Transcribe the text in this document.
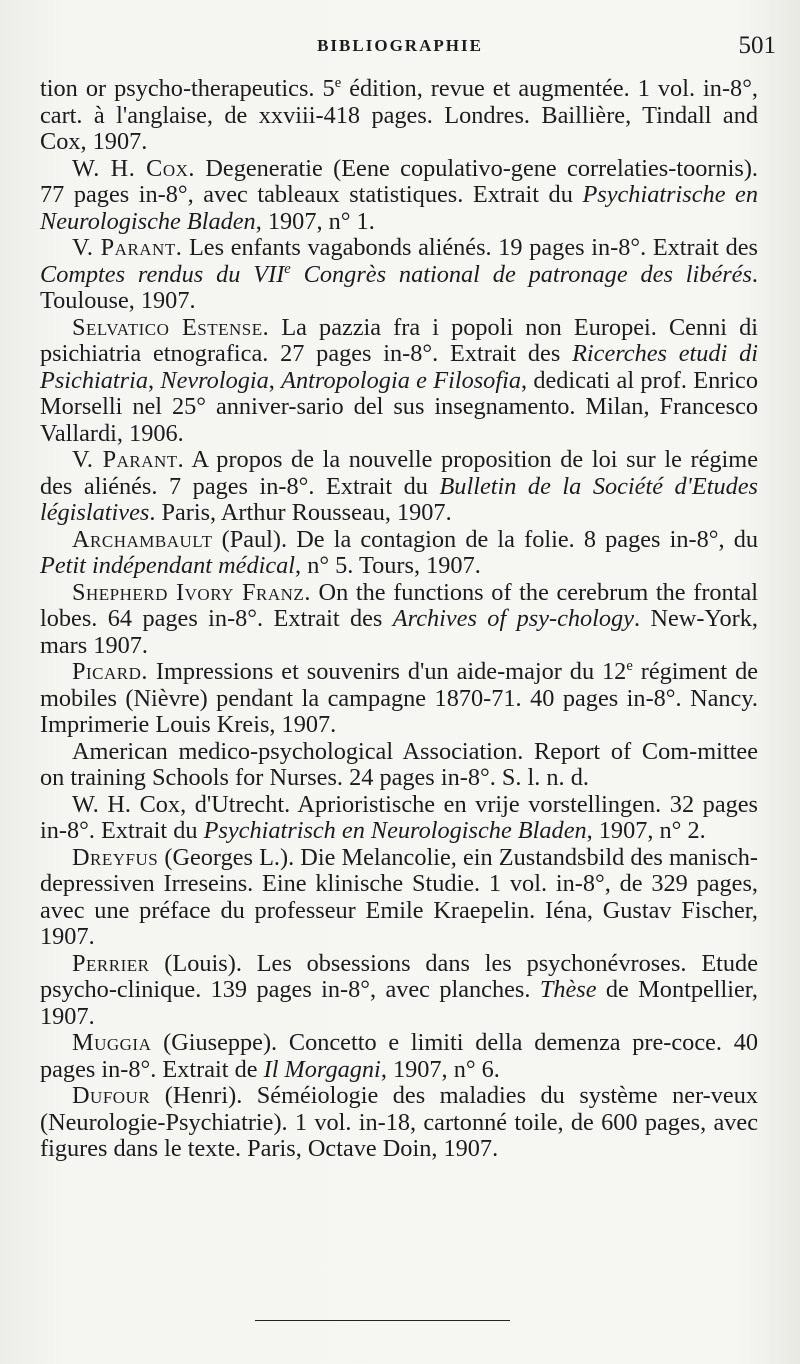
BIBLIOGRAPHIE	501

tion or psycho-therapeutics. 5e édition, revue et augmentée. 1 vol. in-8°, cart. à l'anglaise, de xxviii-418 pages. Londres. Baillière, Tindall and Cox, 1907.

W. H. Cox. Degeneratie (Eene copulativo-gene correlaties-toornis). 77 pages in-8°, avec tableaux statistiques. Extrait du Psychiatrische en Neurologische Bladen, 1907, n° 1.

V. Parant. Les enfants vagabonds aliénés. 19 pages in-8°. Extrait des Comptes rendus du VIIe Congrès national de patronage des libérés. Toulouse, 1907.

Selvatico Estense. La pazzia fra i popoli non Europei. Cenni di psichiatria etnografica. 27 pages in-8°. Extrait des Ricerches etudi di Psichiatria, Nevrologia, Antropologia e Filosofia, dedicati al prof. Enrico Morselli nel 25° anniver-sario del sus insegnamento. Milan, Francesco Vallardi, 1906.

V. Parant. A propos de la nouvelle proposition de loi sur le régime des aliénés. 7 pages in-8°. Extrait du Bulletin de la Société d'Etudes législatives. Paris, Arthur Rousseau, 1907.

Archambault (Paul). De la contagion de la folie. 8 pages in-8°, du Petit indépendant médical, n° 5. Tours, 1907.

Shepherd Ivory Franz. On the functions of the cerebrum the frontal lobes. 64 pages in-8°. Extrait des Archives of psy-chology. New-York, mars 1907.

Picard. Impressions et souvenirs d'un aide-major du 12e régiment de mobiles (Nièvre) pendant la campagne 1870-71. 40 pages in-8°. Nancy. Imprimerie Louis Kreis, 1907.

American medico-psychological Association. Report of Com-mittee on training Schools for Nurses. 24 pages in-8°. S. l. n. d.

W. H. Cox, d'Utrecht. Aprioristische en vrije vorstellingen. 32 pages in-8°. Extrait du Psychiatrisch en Neurologische Bladen, 1907, n° 2.

Dreyfus (Georges L.). Die Melancolie, ein Zustandsbild des manisch-depressiven Irreseins. Eine klinische Studie. 1 vol. in-8°, de 329 pages, avec une préface du professeur Emile Kraepelin. Iéna, Gustav Fischer, 1907.

Perrier (Louis). Les obsessions dans les psychonévroses. Etude psycho-clinique. 139 pages in-8°, avec planches. Thèse de Montpellier, 1907.

Muggia (Giuseppe). Concetto e limiti della demenza pre-coce. 40 pages in-8°. Extrait de Il Morgagni, 1907, n° 6.

Dufour (Henri). Séméiologie des maladies du système ner-veux (Neurologie-Psychiatrie). 1 vol. in-18, cartonné toile, de 600 pages, avec figures dans le texte. Paris, Octave Doin, 1907.
